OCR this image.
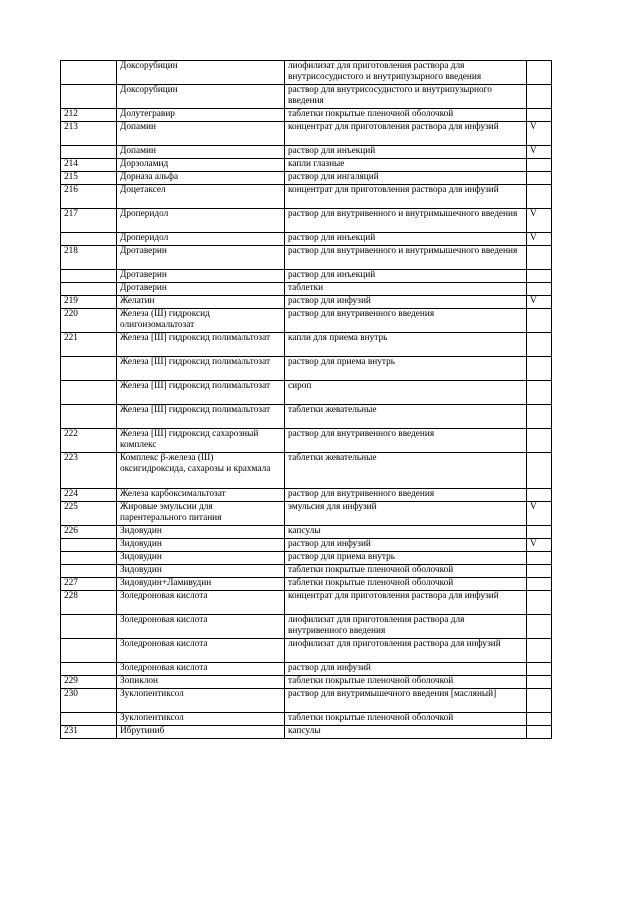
	Доксорубицин	лиофилизат для приготовления раствора для внутрисосудистого и внутрипузырного введения	
	Доксорубицин	раствор для внутрисосудистого и внутрипузырного введения	
212	Долутегравир	таблетки покрытые пленочной оболочкой	
213	Допамин	концентрат для приготовления раствора для инфузий	V
	Допамин	раствор для инъекций	V
214	Дорзоламид	капли глазные	
215	Дорназа альфа	раствор для ингаляций	
216	Доцетаксел	концентрат для приготовления раствора для инфузий	
217	Дроперидол	раствор для внутривенного и внутримышечного введения	V
	Дроперидол	раствор для инъекций	V
218	Дротаверин	раствор для внутривенного и внутримышечного введения	
	Дротаверин	раствор для инъекций	
	Дротаверин	таблетки	
219	Желатин	раствор для инфузий	V
220	Железа (Ш) гидроксид олигоизомальтозат	раствор для внутривенного введения	
221	Железа [Ш] гидроксид полимальтозат	капли для приема внутрь	
	Железа [Ш] гидроксид полимальтозат	раствор для приема внутрь	
	Железа [Ш] гидроксид полимальтозат	сироп	
	Железа [Ш] гидроксид полимальтозат	таблетки жевательные	
222	Железа [Ш] гидроксид сахарозный комплекс	раствор для внутривенного введения	
223	Комплекс β-железа (Ш) оксигидроксида, сахарозы и крахмала	таблетки жевательные	
224	Железа карбоксимальтозат	раствор для внутривенного введения	
225	Жировые эмульсии для парентерального питания	эмульсия для инфузий	V
226	Зидовудин	капсулы	
	Зидовудин	раствор для инфузий	V
	Зидовудин	раствор для приема внутрь	
	Зидовудин	таблетки покрытые пленочной оболочкой	
227	Зидовудин+Ламивудин	таблетки покрытые пленочной оболочкой	
228	Золедроновая кислота	концентрат для приготовления раствора для инфузий	
	Золедроновая кислота	лиофилизат для приготовления раствора для внутривенного введения	
	Золедроновая кислота	лиофилизат для приготовления раствора для инфузий	
	Золедроновая кислота	раствор для инфузий	
229	Зопиклон	таблетки покрытые пленочной оболочкой	
230	Зуклопентиксол	раствор для внутримышечного введения [масляный]	
	Зуклопентиксол	таблетки покрытые пленочной оболочкой	
231	Ибрутиниб	капсулы	
